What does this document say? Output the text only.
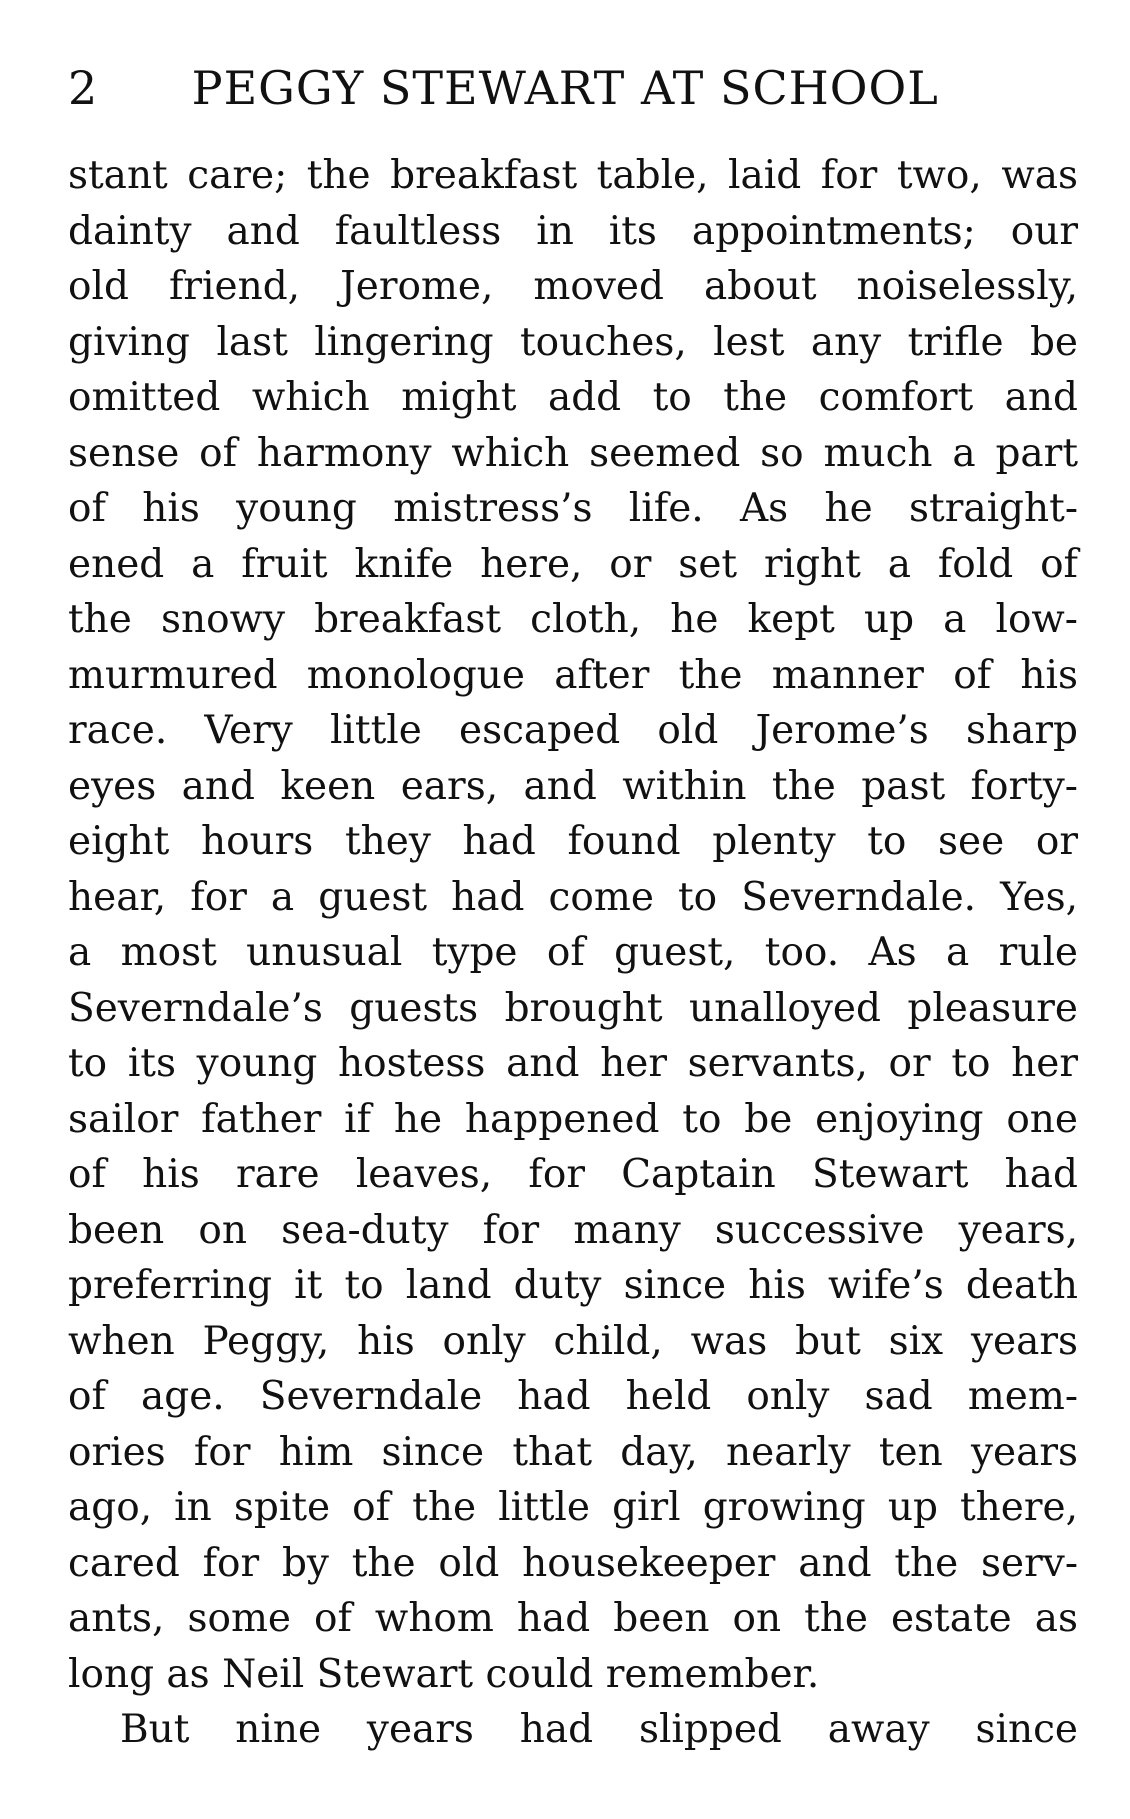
2 PEGGY STEWART AT SCHOOL
stant care; the breakfast table, laid for two, was
dainty and faultless in its appointments; our
old friend, Jerome, moved about noiselessly,
giving last lingering touches, lest any trifle be
omitted which might add to the comfort and
sense of harmony which seemed so much a part
of his young mistress’s life. As he straight-
ened a fruit knife here, or set right a fold of
the snowy breakfast cloth, he kept up a low-
murmured monologue after the manner of his
race. Very little escaped old Jerome’s sharp
eyes and keen ears, and within the past forty-
eight hours they had found plenty to see or
hear, for a guest had come to Severndale. Yes,
a most unusual type of guest, too. As a rule
Severndale’s guests brought unalloyed pleasure
to its young hostess and her servants, or to her
sailor father if he happened to be enjoying one
of his rare leaves, for Captain Stewart had
been on sea-duty for many successive years,
preferring it to land duty since his wife’s death
when Peggy, his only child, was but six years
of age. Severndale had held only sad mem-
ories for him since that day, nearly ten years
ago, in spite of the little girl growing up there,
cared for by the old housekeeper and the serv-
ants, some of whom had been on the estate as
long as Neil Stewart could remember.
But nine years had slipped away since
